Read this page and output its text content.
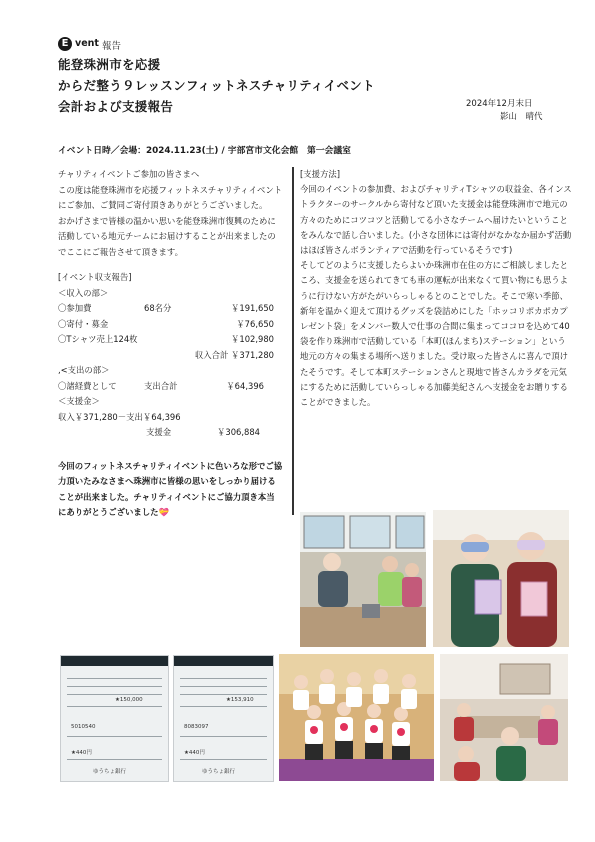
E vent 報告
能登珠洲市を応援
からだ整う９レッスンフィットネスチャリティイベント
会計および支援報告	2024年12月末日
影山　晴代
イベント日時／会場：2024.11.23(土) / 宇部宮市文化会館　第一会議室

チャリティイベントご参加の皆さまへ

この度は能登珠洲市を応援フィットネスチャリティイベントにご参加、ご賛同ご寄付頂きありがとうございました。

おかげさまで皆様の温かい思いを能登珠洲市復興のために活動している地元チームにお届けすることが出来ましたのでここにご報告させて頂きます。

[イベント収支報告]

＜収入の部＞

〇参加費	68名分	￥191,650
〇寄付・募金	￥76,650
〇Tシャツ売上124枚	￥102,980
収入合計 ￥371,280

,<支出の部＞

〇諸経費として	支出合計	￥64,396

＜支援金＞

収入￥371,280－支出￥64,396

支援金	￥306,884

今回のフィットネスチャリティイベントに色いろな形でご協力頂いたみなさまへ珠洲市に皆様の思いをしっかり届けることが出来ました。チャリティイベントにご協力頂き本当にありがとうございました💝

[支援方法]

今回のイベントの参加費、およびチャリティTシャツの収益金、各インストラクターのサークルから寄付など頂いた支援金は能登珠洲市で地元の方々のためにコツコツと活動してる小さなチームへ届けたいということをみんなで話し合いました。(小さな団体には寄付がなかなか届かず活動はほぼ皆さんボランティアで活動を行っているそうです)

そしてどのように支援したらよいか珠洲市在住の方にご相談しましたところ、支援金を送られてきても車の運転が出来なくて買い物にも思うように行けない方がたがいらっしゃるとのことでした。そこで寒い季節、新年を温かく迎えて頂けるグッズを袋詰めにした「ホッコリポカポカプレゼント袋」をメンバー数人で仕事の合間に集まってココロを込めて40袋を作り珠洲市で活動している「本町(ほんまち)ステーション」という地元の方々の集まる場所へ送りました。受け取った皆さんに喜んで頂けたそうです。そして本町ステーションさんと現地で皆さんカラダを元気にするために活動していらっしゃる加藤美紀さんへ支援金をお贈りすることができました。

★150,000
5010540
★440円
ゆうちょ銀行
★153,910
8083097
★440円
ゆうちょ銀行
